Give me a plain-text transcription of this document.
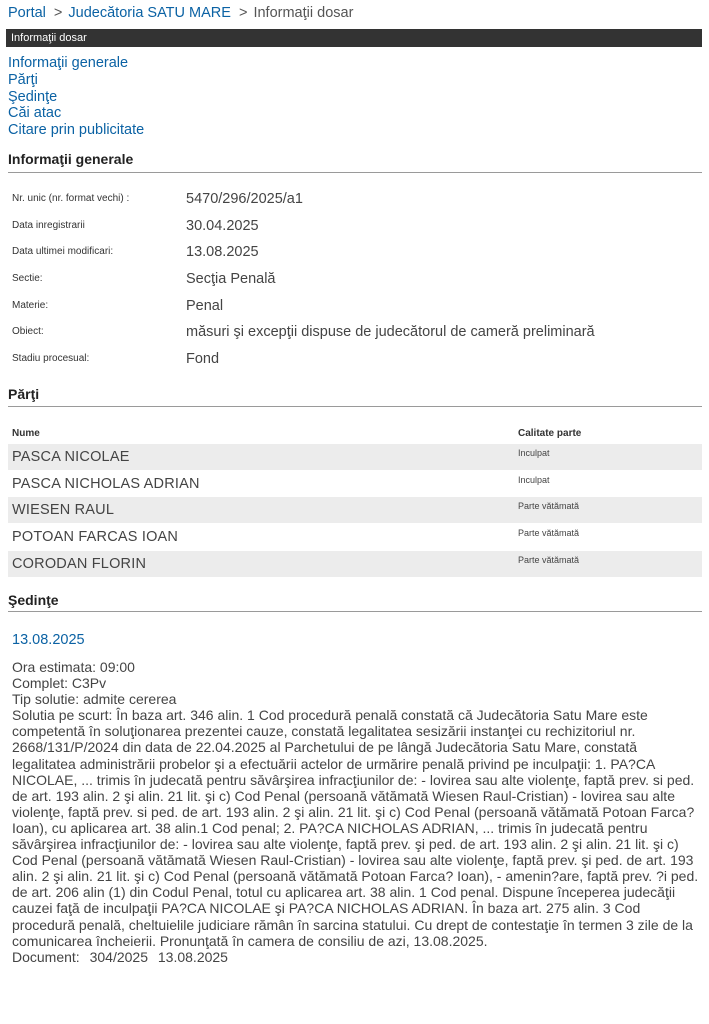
Portal > Judecătoria SATU MARE > Informaţii dosar
Informaţii dosar
Informaţii generale
Părţi
Şedinţe
Căi atac
Citare prin publicitate
Informaţii generale
Nr. unic (nr. format vechi) :	5470/296/2025/a1
Data inregistrarii	30.04.2025
Data ultimei modificari:	13.08.2025
Sectie:	Secţia Penală
Materie:	Penal
Obiect:	măsuri şi excepţii dispuse de judecătorul de cameră preliminară
Stadiu procesual:	Fond
Părţi
Nume	Calitate parte
PASCA NICOLAE	Inculpat
PASCA NICHOLAS ADRIAN	Inculpat
WIESEN RAUL	Parte vătămată
POTOAN FARCAS IOAN	Parte vătămată
CORODAN FLORIN	Parte vătămată
Şedinţe
13.08.2025
Ora estimata: 09:00
Complet: C3Pv
Tip solutie: admite cererea
Solutia pe scurt: În baza art. 346 alin. 1 Cod procedură penală constată că Judecătoria Satu Mare este competentă în soluţionarea prezentei cauze, constată legalitatea sesizării instanţei cu rechizitoriul nr. 2668/131/P/2024 din data de 22.04.2025 al Parchetului de pe lângă Judecătoria Satu Mare, constată legalitatea administrării probelor şi a efectuării actelor de urmărire penală privind pe inculpaţii: 1. PA?CA NICOLAE, ... trimis în judecată pentru săvârşirea infracţiunilor de: - lovirea sau alte violenţe, faptă prev. si ped. de art. 193 alin. 2 şi alin. 21 lit. şi c) Cod Penal (persoană vătămată Wiesen Raul-Cristian) - lovirea sau alte violenţe, faptă prev. si ped. de art. 193 alin. 2 şi alin. 21 lit. şi c) Cod Penal (persoană vătămată Potoan Farca? Ioan), cu aplicarea art. 38 alin.1 Cod penal; 2. PA?CA NICHOLAS ADRIAN, ... trimis în judecată pentru săvârşirea infracţiunilor de: - lovirea sau alte violenţe, faptă prev. şi ped. de art. 193 alin. 2 şi alin. 21 lit. şi c) Cod Penal (persoană vătămată Wiesen Raul-Cristian) - lovirea sau alte violenţe, faptă prev. şi ped. de art. 193 alin. 2 şi alin. 21 lit. şi c) Cod Penal (persoană vătămată Potoan Farca? Ioan), - amenin?are, faptă prev. ?i ped. de art. 206 alin (1) din Codul Penal, totul cu aplicarea art. 38 alin. 1 Cod penal. Dispune începerea judecăţii cauzei faţă de inculpaţii PA?CA NICOLAE şi PA?CA NICHOLAS ADRIAN. În baza art. 275 alin. 3 Cod procedură penală, cheltuielile judiciare rămân în sarcina statului. Cu drept de contestaţie în termen 3 zile de la comunicarea încheierii. Pronunţată în camera de consiliu de azi, 13.08.2025.
Document: 304/2025 13.08.2025
